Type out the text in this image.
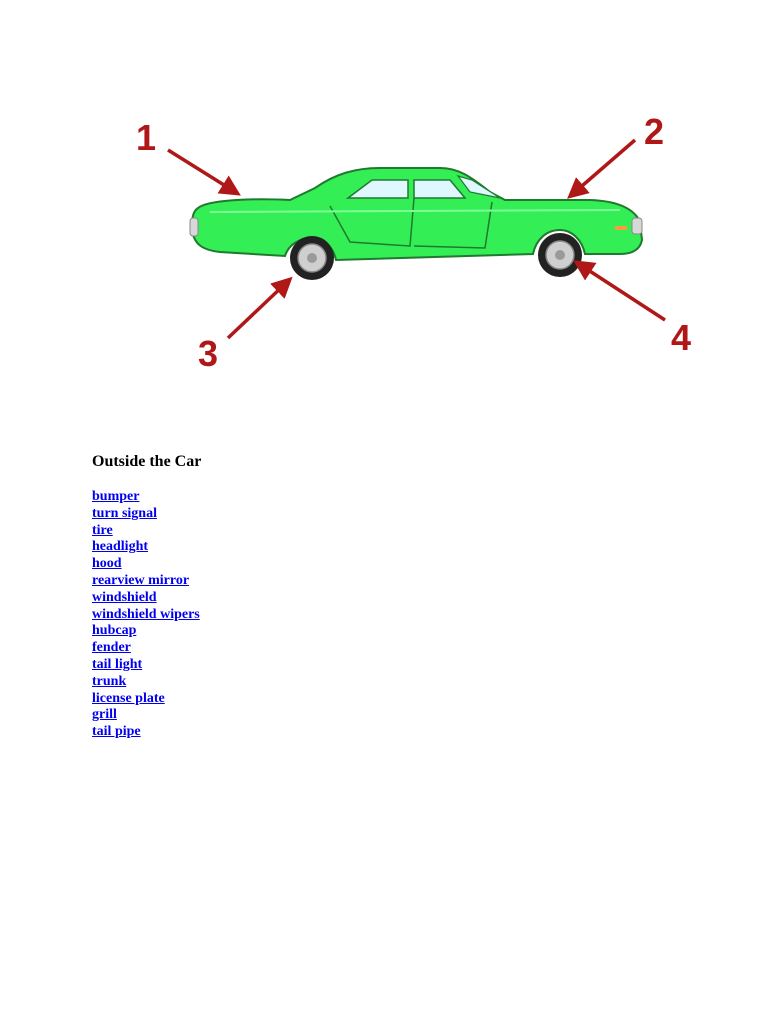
1	2
3	4
Outside the Car
bumper
turn signal
tire
headlight
hood
rearview mirror
windshield
windshield wipers
hubcap
fender
tail light
trunk
license plate
grill
tail pipe
